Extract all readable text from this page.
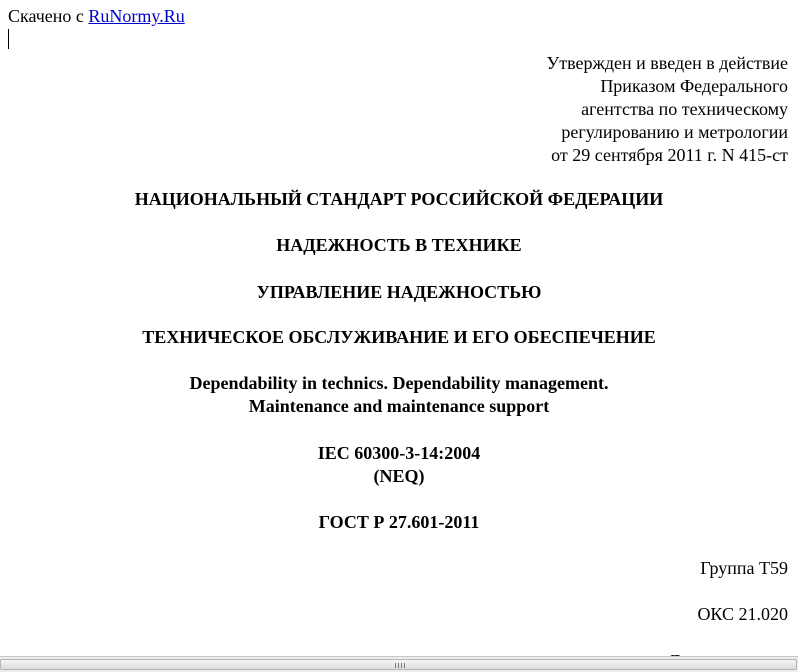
Скачено с RuNormy.Ru
Утвержден и введен в действие
Приказом Федерального
агентства по техническому
регулированию и метрологии
от 29 сентября 2011 г. N 415-ст
НАЦИОНАЛЬНЫЙ СТАНДАРТ РОССИЙСКОЙ ФЕДЕРАЦИИ
НАДЕЖНОСТЬ В ТЕХНИКЕ
УПРАВЛЕНИЕ НАДЕЖНОСТЬЮ
ТЕХНИЧЕСКОЕ ОБСЛУЖИВАНИЕ И ЕГО ОБЕСПЕЧЕНИЕ
Dependability in technics. Dependability management.
Maintenance and maintenance support
IEC 60300-3-14:2004
(NEQ)
ГОСТ Р 27.601-2011
Группа Т59
ОКС 21.020
